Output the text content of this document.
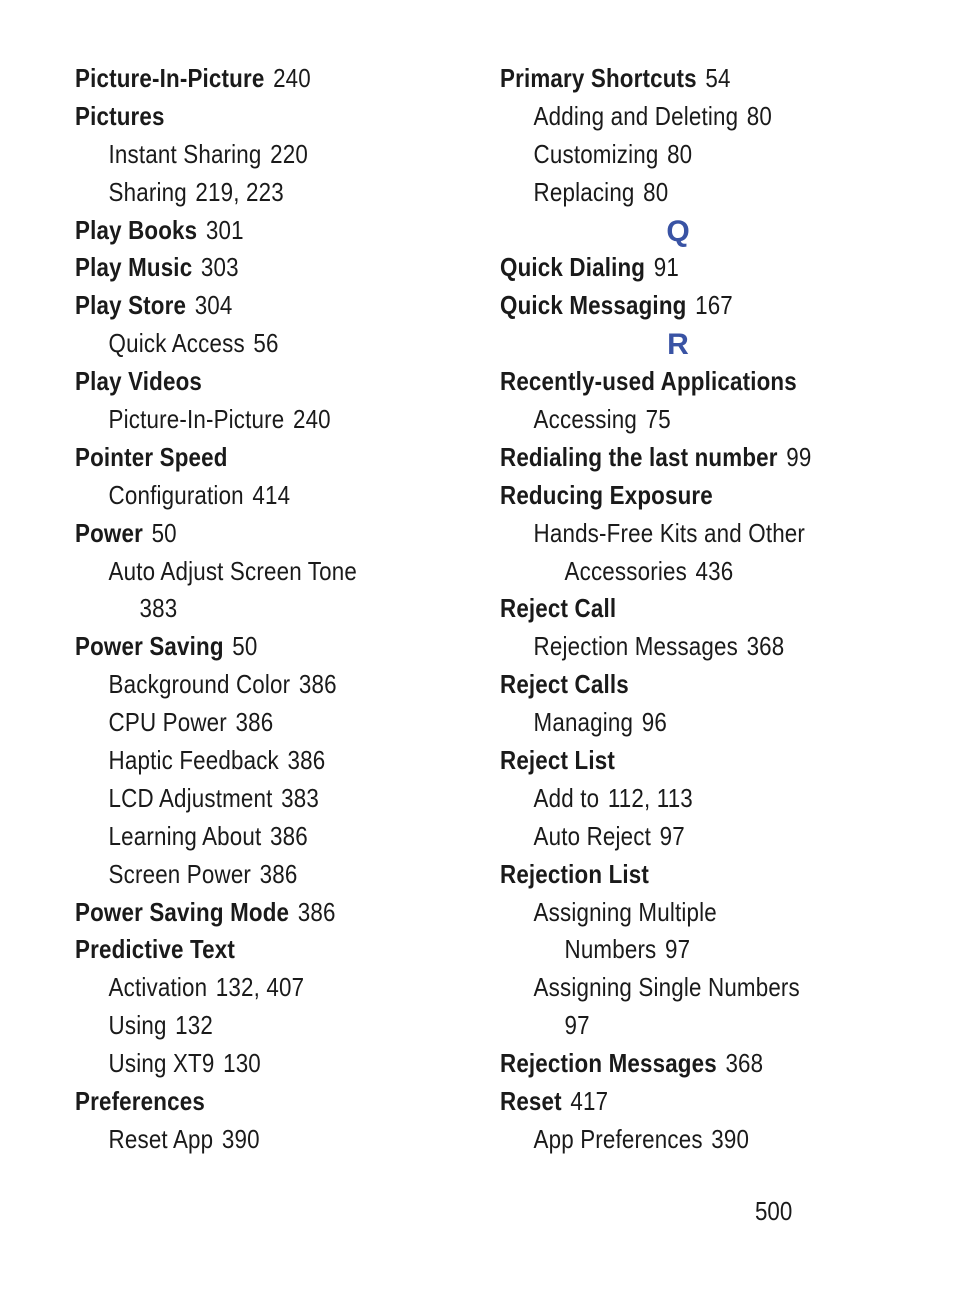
Picture-In-Picture 240
Pictures
Instant Sharing 220
Sharing 219, 223
Play Books 301
Play Music 303
Play Store 304
Quick Access 56
Play Videos
Picture-In-Picture 240
Pointer Speed
Configuration 414
Power 50
Auto Adjust Screen Tone
383
Power Saving 50
Background Color 386
CPU Power 386
Haptic Feedback 386
LCD Adjustment 383
Learning About 386
Screen Power 386
Power Saving Mode 386
Predictive Text
Activation 132, 407
Using 132
Using XT9 130
Preferences
Reset App 390
Primary Shortcuts 54
Adding and Deleting 80
Customizing 80
Replacing 80
Q
Quick Dialing 91
Quick Messaging 167
R
Recently-used Applications
Accessing 75
Redialing the last number 99
Reducing Exposure
Hands-Free Kits and Other
Accessories 436
Reject Call
Rejection Messages 368
Reject Calls
Managing 96
Reject List
Add to 112, 113
Auto Reject 97
Rejection List
Assigning Multiple
Numbers 97
Assigning Single Numbers
97
Rejection Messages 368
Reset 417
App Preferences 390
500
